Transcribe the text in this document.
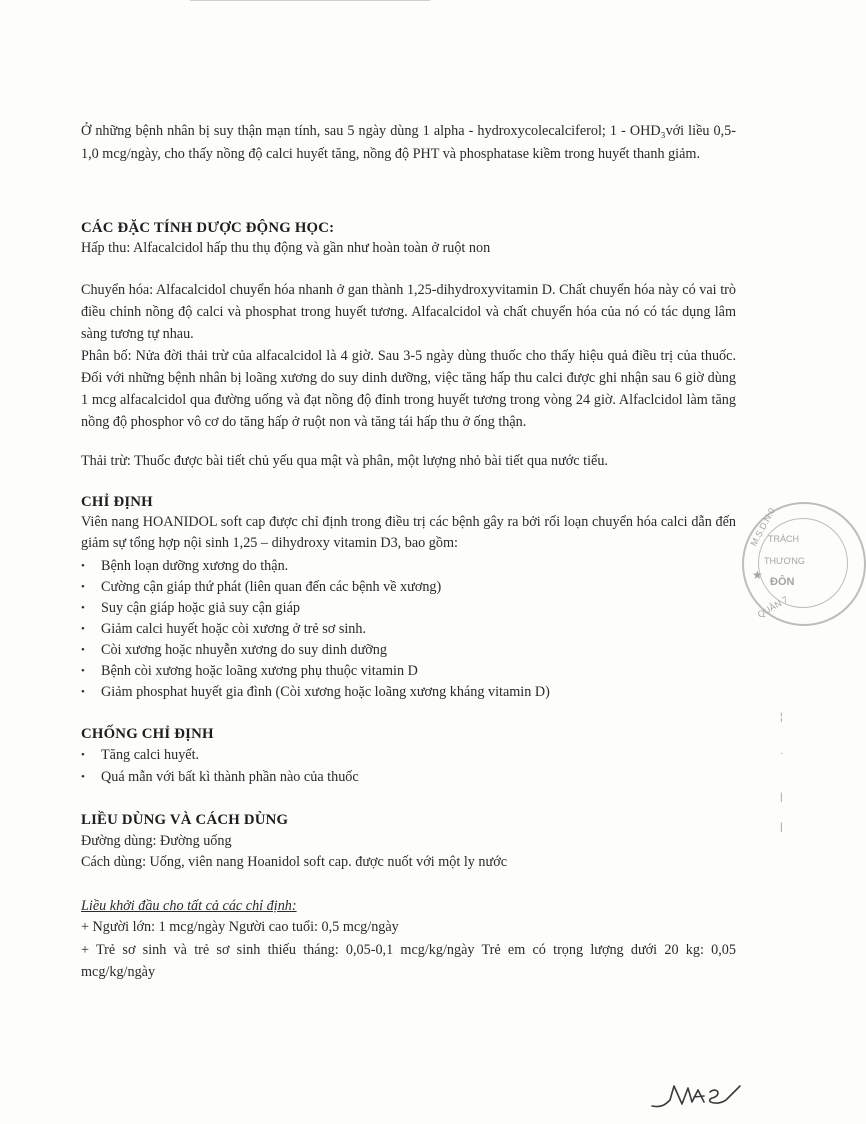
Ở những bệnh nhân bị suy thận mạn tính, sau 5 ngày dùng 1 alpha - hydroxycolecalciferol; 1 - OHD₃với liều 0,5-1,0 mcg/ngày, cho thấy nồng độ calci huyết tăng, nồng độ PHT và phosphatase kiềm trong huyết thanh giảm.

CÁC ĐẶC TÍNH DƯỢC ĐỘNG HỌC:
Hấp thu: Alfacalcidol hấp thu thụ động và gần như hoàn toàn ở ruột non

Chuyển hóa: Alfacalcidol chuyển hóa nhanh ở gan thành 1,25-dihydroxyvitamin D. Chất chuyển hóa này có vai trò điều chỉnh nồng độ calci và phosphat trong huyết tương. Alfacalcidol và chất chuyển hóa của nó có tác dụng lâm sàng tương tự nhau.

Phân bố: Nửa đời thải trừ của alfacalcidol là 4 giờ. Sau 3-5 ngày dùng thuốc cho thấy hiệu quả điều trị của thuốc. Đối với những bệnh nhân bị loãng xương do suy dinh dưỡng, việc tăng hấp thu calci được ghi nhận sau 6 giờ dùng 1 mcg alfacalcidol qua đường uống và đạt nồng độ đỉnh trong huyết tương trong vòng 24 giờ. Alfaclcidol làm tăng nồng độ phosphor vô cơ do tăng hấp ở ruột non và tăng tái hấp thu ở ống thận.

Thải trừ: Thuốc được bài tiết chủ yếu qua mật và phân, một lượng nhỏ bài tiết qua nước tiểu.
CHỈ ĐỊNH

Viên nang HOANIDOL soft cap được chỉ định trong điều trị các bệnh gây ra bởi rối loạn chuyển hóa calci dẫn đến giảm sự tổng hợp nội sinh 1,25 – dihydroxy vitamin D3, bao gồm:

• Bệnh loạn dưỡng xương do thận.
• Cường cận giáp thứ phát (liên quan đến các bệnh về xương)
• Suy cận giáp hoặc giả suy cận giáp
• Giảm calci huyết hoặc còi xương ở trẻ sơ sinh.
• Còi xương hoặc nhuyễn xương do suy dinh dưỡng
• Bệnh còi xương hoặc loãng xương phụ thuộc vitamin D
• Giảm phosphat huyết gia đình (Còi xương hoặc loãng xương kháng vitamin D)
CHỐNG CHỈ ĐỊNH
• Tăng calci huyết.
• Quá mẫn với bất kì thành phần nào của thuốc
LIỀU DÙNG VÀ CÁCH DÙNG
Đường dùng: Đường uống
Cách dùng: Uống, viên nang Hoanidol soft cap. được nuốt với một ly nước
Liều khởi đầu cho tất cả các chỉ định:
+ Người lớn: 1 mcg/ngày Người cao tuổi: 0,5 mcg/ngày

+ Trẻ sơ sinh và trẻ sơ sinh thiếu tháng: 0,05-0,1 mcg/kg/ngày Trẻ em có trọng lượng dưới 20 kg: 0,05 mcg/kg/ngày

M.S.D.N:0
TRÁCH
THƯƠNG
★ ĐÔN
QUẬN 7
¦
·
|
|
